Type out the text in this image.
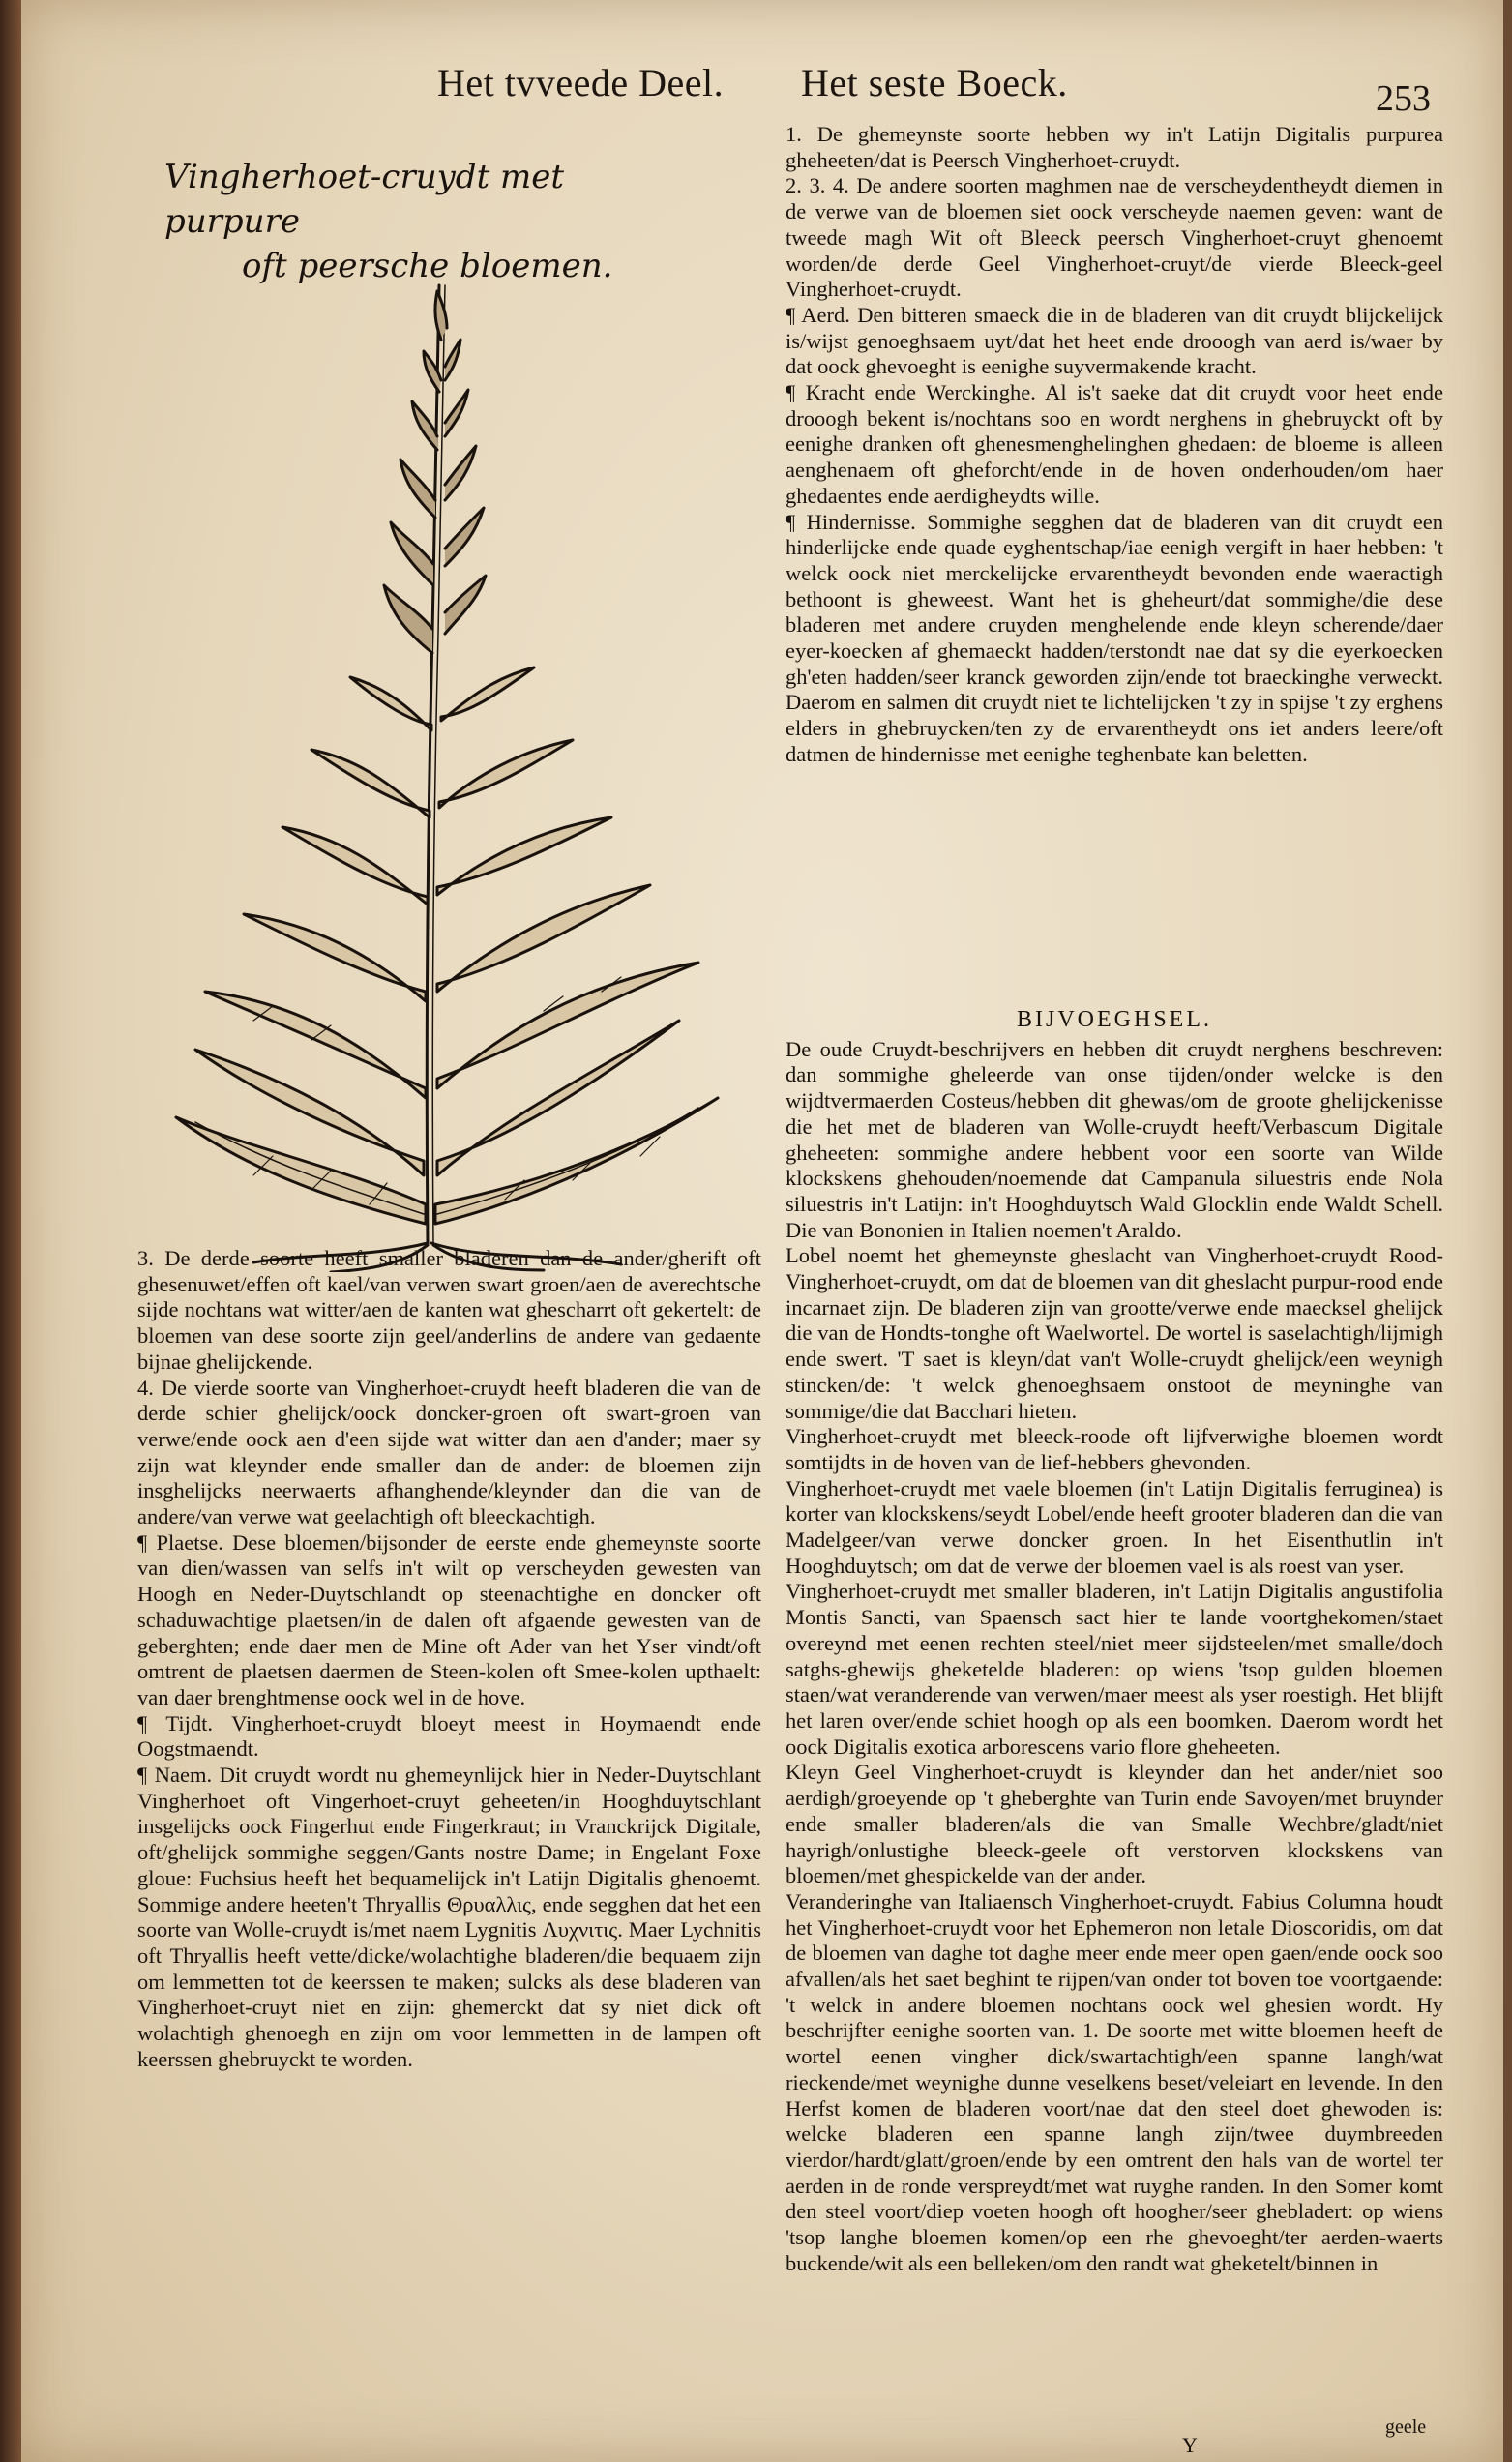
Het tvveede Deel. Het seste Boeck.	253
Vingherhoet-cruydt met purpure
oft peersche bloemen.

3. De derde soorte heeft smaller bladeren dan de ander/gherift oft ghesenuwet/effen oft kael/van verwen swart groen/aen de averechtsche sijde nochtans wat witter/aen de kanten wat ghescharrt oft gekertelt: de bloemen van dese soorte zijn geel/anderlins de andere van gedaente bijnae ghelijckende.

4. De vierde soorte van Vingherhoet-cruydt heeft bladeren die van de derde schier ghelijck/oock doncker-groen oft swart-groen van verwe/ende oock aen d'een sijde wat witter dan aen d'ander; maer sy zijn wat kleynder ende smaller dan de ander: de bloemen zijn insghelijcks neerwaerts afhanghende/kleynder dan die van de andere/van verwe wat geelachtigh oft bleeckachtigh.

¶ Plaetse. Dese bloemen/bijsonder de eerste ende ghemeynste soorte van dien/wassen van selfs in't wilt op verscheyden gewesten van Hoogh en Neder-Duytschlandt op steenachtighe en doncker oft schaduwachtige plaetsen/in de dalen oft afgaende gewesten van de geberghten; ende daer men de Mine oft Ader van het Yser vindt/oft omtrent de plaetsen daermen de Steen-kolen oft Smee-kolen upthaelt: van daer brenghtmense oock wel in de hove.

¶ Tijdt. Vingherhoet-cruydt bloeyt meest in Hoymaendt ende Oogstmaendt.

¶ Naem. Dit cruydt wordt nu ghemeynlijck hier in Neder-Duytschlant Vingherhoet oft Vingerhoet-cruyt geheeten/in Hooghduytschlant insgelijcks oock Fingerhut ende Fingerkraut; in Vranckrijck Digitale, oft/ghelijck sommighe seggen/Gants nostre Dame; in Engelant Foxe gloue: Fuchsius heeft het bequamelijck in't Latijn Digitalis ghenoemt. Sommige andere heeten't Thryallis Θρυαλλις, ende segghen dat het een soorte van Wolle-cruydt is/met naem Lygnitis Λυχνιτις. Maer Lychnitis oft Thryallis heeft vette/dicke/wolachtighe bladeren/die bequaem zijn om lemmetten tot de keerssen te maken; sulcks als dese bladeren van Vingherhoet-cruyt niet en zijn: ghemerckt dat sy niet dick oft wolachtigh ghenoegh en zijn om voor lemmetten in de lampen oft keerssen ghebruyckt te worden.

1. De ghemeynste soorte hebben wy in't Latijn Digitalis purpurea gheheeten/dat is Peersch Vingherhoet-cruydt.

2. 3. 4. De andere soorten maghmen nae de verscheydentheydt diemen in de verwe van de bloemen siet oock verscheyde naemen geven: want de tweede magh Wit oft Bleeck peersch Vingherhoet-cruyt ghenoemt worden/de derde Geel Vingherhoet-cruyt/de vierde Bleeck-geel Vingherhoet-cruydt.

¶ Aerd. Den bitteren smaeck die in de bladeren van dit cruydt blijckelijck is/wijst genoeghsaem uyt/dat het heet ende drooogh van aerd is/waer by dat oock ghevoeght is eenighe suyvermakende kracht.

¶ Kracht ende Werckinghe. Al is't saeke dat dit cruydt voor heet ende drooogh bekent is/nochtans soo en wordt nerghens in ghebruyckt oft by eenighe dranken oft ghenesmenghelinghen ghedaen: de bloeme is alleen aenghenaem oft gheforcht/ende in de hoven onderhouden/om haer ghedaentes ende aerdigheydts wille.

¶ Hindernisse. Sommighe segghen dat de bladeren van dit cruydt een hinderlijcke ende quade eyghentschap/iae eenigh vergift in haer hebben: 't welck oock niet merckelijcke ervarentheydt bevonden ende waeractigh bethoont is gheweest. Want het is gheheurt/dat sommighe/die dese bladeren met andere cruyden menghelende ende kleyn scherende/daer eyer-koecken af ghemaeckt hadden/terstondt nae dat sy die eyerkoecken gh'eten hadden/seer kranck geworden zijn/ende tot braeckinghe verweckt. Daerom en salmen dit cruydt niet te lichtelijcken 't zy in spijse 't zy erghens elders in ghebruycken/ten zy de ervarentheydt ons iet anders leere/oft datmen de hindernisse met eenighe teghenbate kan beletten.

BIJVOEGHSEL.

De oude Cruydt-beschrijvers en hebben dit cruydt nerghens beschreven: dan sommighe gheleerde van onse tijden/onder welcke is den wijdtvermaerden Costeus/hebben dit ghewas/om de groote ghelijckenisse die het met de bladeren van Wolle-cruydt heeft/Verbascum Digitale gheheeten: sommighe andere hebbent voor een soorte van Wilde klockskens ghehouden/noemende dat Campanula siluestris ende Nola siluestris in't Latijn: in't Hooghduytsch Wald Glocklin ende Waldt Schell. Die van Bononien in Italien noemen't Araldo.

Lobel noemt het ghemeynste gheslacht van Vingherhoet-cruydt Rood-Vingherhoet-cruydt, om dat de bloemen van dit gheslacht purpur-rood ende incarnaet zijn. De bladeren zijn van grootte/verwe ende maecksel ghelijck die van de Hondts-tonghe oft Waelwortel. De wortel is saselachtigh/lijmigh ende swert. 'T saet is kleyn/dat van't Wolle-cruydt ghelijck/een weynigh stincken/de: 't welck ghenoeghsaem onstoot de meyninghe van sommige/die dat Bacchari hieten.

Vingherhoet-cruydt met bleeck-roode oft lijfverwighe bloemen wordt somtijdts in de hoven van de lief-hebbers ghevonden.

Vingherhoet-cruydt met vaele bloemen (in't Latijn Digitalis ferruginea) is korter van klockskens/seydt Lobel/ende heeft grooter bladeren dan die van Madelgeer/van verwe doncker groen. In het Eisenthutlin in't Hooghduytsch; om dat de verwe der bloemen vael is als roest van yser.

Vingherhoet-cruydt met smaller bladeren, in't Latijn Digitalis angustifolia Montis Sancti, van Spaensch sact hier te lande voortghekomen/staet overeynd met eenen rechten steel/niet meer sijdsteelen/met smalle/doch satghs-ghewijs gheketelde bladeren: op wiens 'tsop gulden bloemen staen/wat veranderende van verwen/maer meest als yser roestigh. Het blijft het laren over/ende schiet hoogh op als een boomken. Daerom wordt het oock Digitalis exotica arborescens vario flore gheheeten.

Kleyn Geel Vingherhoet-cruydt is kleynder dan het ander/niet soo aerdigh/groeyende op 't gheberghte van Turin ende Savoyen/met bruynder ende smaller bladeren/als die van Smalle Wechbre/gladt/niet hayrigh/onlustighe bleeck-geele oft verstorven klockskens van bloemen/met ghespickelde van der ander.

Veranderinghe van Italiaensch Vingherhoet-cruydt. Fabius Columna houdt het Vingherhoet-cruydt voor het Ephemeron non letale Dioscoridis, om dat de bloemen van daghe tot daghe meer ende meer open gaen/ende oock soo afvallen/als het saet beghint te rijpen/van onder tot boven toe voortgaende: 't welck in andere bloemen nochtans oock wel ghesien wordt. Hy beschrijfter eenighe soorten van. 1. De soorte met witte bloemen heeft de wortel eenen vingher dick/swartachtigh/een spanne langh/wat rieckende/met weynighe dunne veselkens beset/veleiart en levende. In den Herfst komen de bladeren voort/nae dat den steel doet ghewoden is: welcke bladeren een spanne langh zijn/twee duymbreeden vierdor/hardt/glatt/groen/ende by een omtrent den hals van de wortel ter aerden in de ronde verspreydt/met wat ruyghe randen. In den Somer komt den steel voort/diep voeten hoogh oft hoogher/seer ghebladert: op wiens 'tsop langhe bloemen komen/op een rhe ghevoeght/ter aerden-waerts buckende/wit als een belleken/om den randt wat gheketelt/binnen in

Y
geele
